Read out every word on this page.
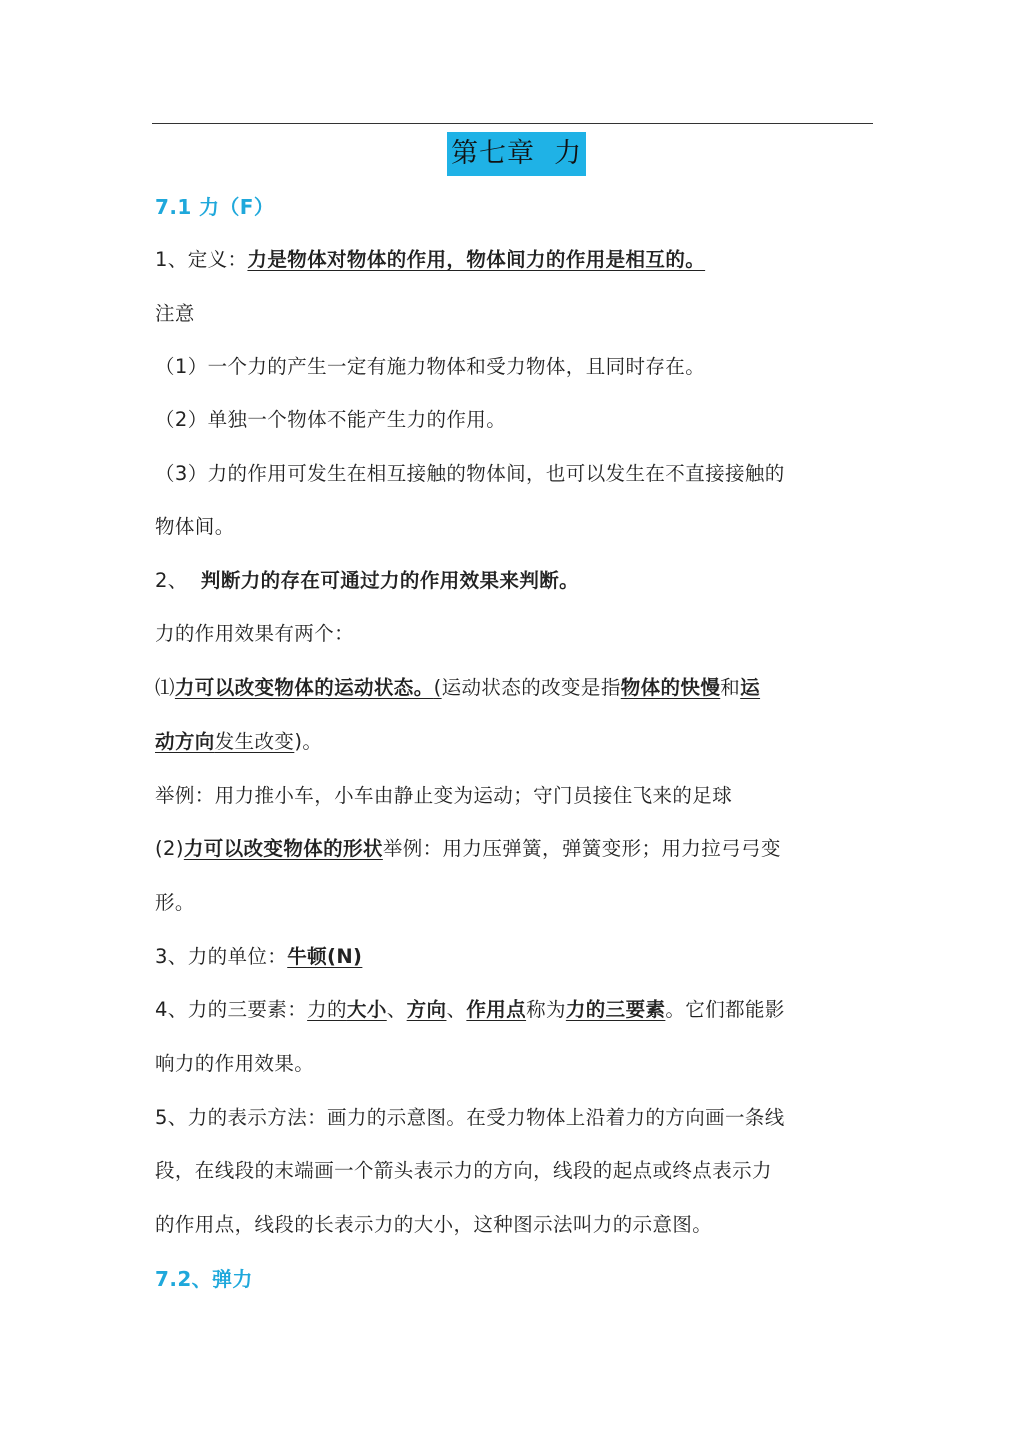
第七章  力
7.1 力（F）
1、定义：力是物体对物体的作用，物体间力的作用是相互的。
注意
（1）一个力的产生一定有施力物体和受力物体，且同时存在。
（2）单独一个物体不能产生力的作用。
（3）力的作用可发生在相互接触的物体间，也可以发生在不直接接触的
物体间。
2、 判断力的存在可通过力的作用效果来判断。
力的作用效果有两个：
⑴力可以改变物体的运动状态。(运动状态的改变是指物体的快慢和运
动方向发生改变)。
举例：用力推小车，小车由静止变为运动；守门员接住飞来的足球
(2)力可以改变物体的形状举例：用力压弹簧，弹簧变形；用力拉弓弓变
形。
3、力的单位：牛顿(N)
4、力的三要素：力的大小、方向、作用点称为力的三要素。它们都能影
响力的作用效果。
5、力的表示方法：画力的示意图。在受力物体上沿着力的方向画一条线
段，在线段的末端画一个箭头表示力的方向，线段的起点或终点表示力
的作用点，线段的长表示力的大小，这种图示法叫力的示意图。
7.2、弹力
